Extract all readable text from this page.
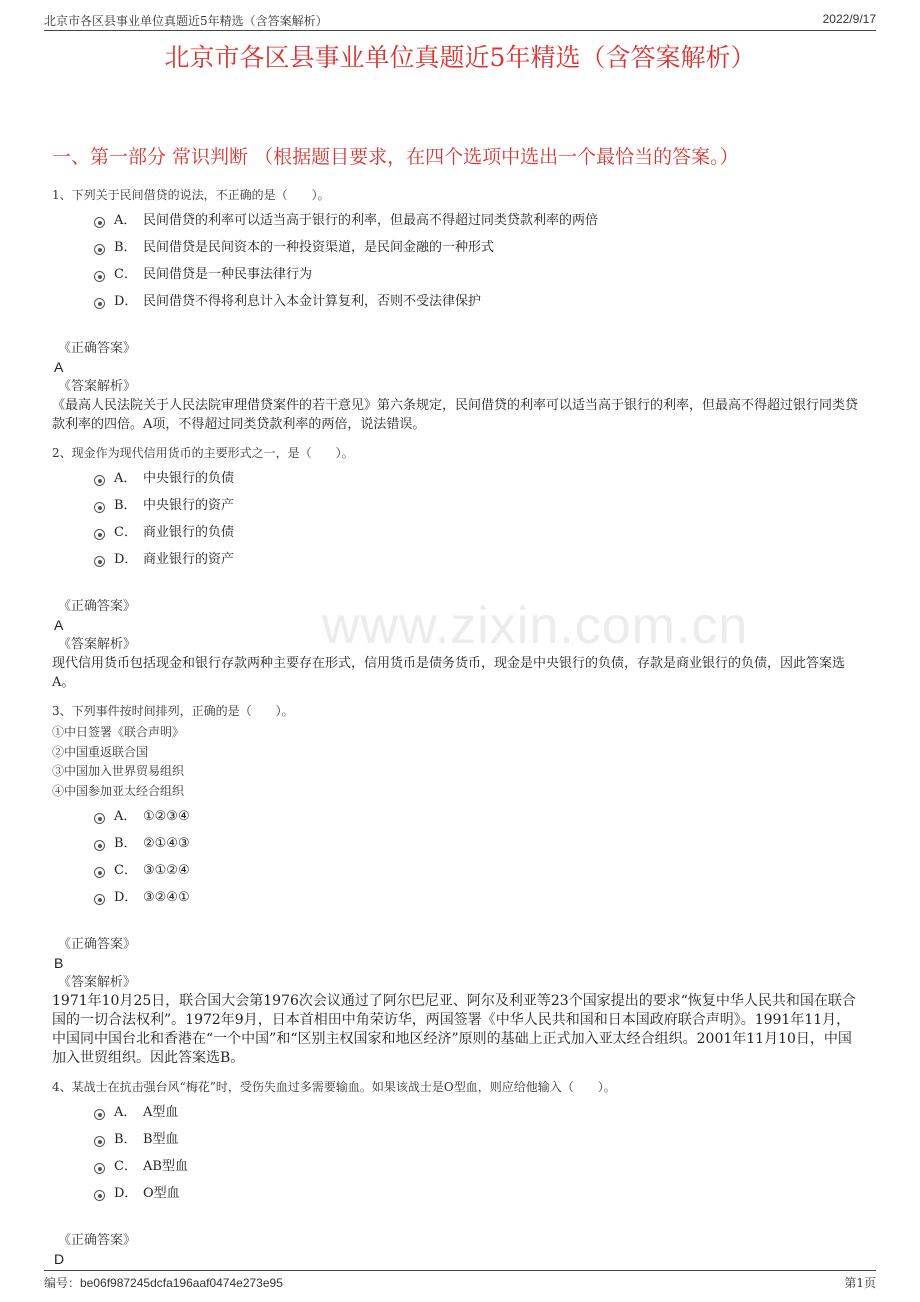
北京市各区县事业单位真题近5年精选（含答案解析）	2022/9/17
北京市各区县事业单位真题近5年精选（含答案解析）
一、第一部分 常识判断 （根据题目要求，在四个选项中选出一个最恰当的答案。）
www.zixin.com.cn
1、下列关于民间借贷的说法，不正确的是（　　）。
A． 民间借贷的利率可以适当高于银行的利率，但最高不得超过同类贷款利率的两倍
B． 民间借贷是民间资本的一种投资渠道，是民间金融的一种形式
C． 民间借贷是一种民事法律行为
D． 民间借贷不得将利息计入本金计算复利，否则不受法律保护
《正确答案》
A
《答案解析》
《最高人民法院关于人民法院审理借贷案件的若干意见》第六条规定，民间借贷的利率可以适当高于银行的利率，但最高不得超过银行同类贷款利率的四倍。A项，不得超过同类贷款利率的两倍，说法错误。
2、现金作为现代信用货币的主要形式之一，是（　　）。
A． 中央银行的负债
B． 中央银行的资产
C． 商业银行的负债
D． 商业银行的资产
《正确答案》
A
《答案解析》
现代信用货币包括现金和银行存款两种主要存在形式，信用货币是债务货币，现金是中央银行的负债，存款是商业银行的负债，因此答案选A。
3、下列事件按时间排列，正确的是（　　）。
①中日签署《联合声明》
②中国重返联合国
③中国加入世界贸易组织
④中国参加亚太经合组织
A． ①②③④
B． ②①④③
C． ③①②④
D． ③②④①
《正确答案》
B
《答案解析》
1971年10月25日，联合国大会第1976次会议通过了阿尔巴尼亚、阿尔及利亚等23个国家提出的要求“恢复中华人民共和国在联合国的一切合法权利”。1972年9月，日本首相田中角荣访华，两国签署《中华人民共和国和日本国政府联合声明》。1991年11月，中国同中国台北和香港在“一个中国”和“区别主权国家和地区经济”原则的基础上正式加入亚太经合组织。2001年11月10日，中国加入世贸组织。因此答案选B。
4、某战士在抗击强台风“梅花”时，受伤失血过多需要输血。如果该战士是O型血，则应给他输入（　　）。
A． A型血
B． B型血
C． AB型血
D． O型血
《正确答案》
D
编号：be06f987245dcfa196aaf0474e273e95	第1页
